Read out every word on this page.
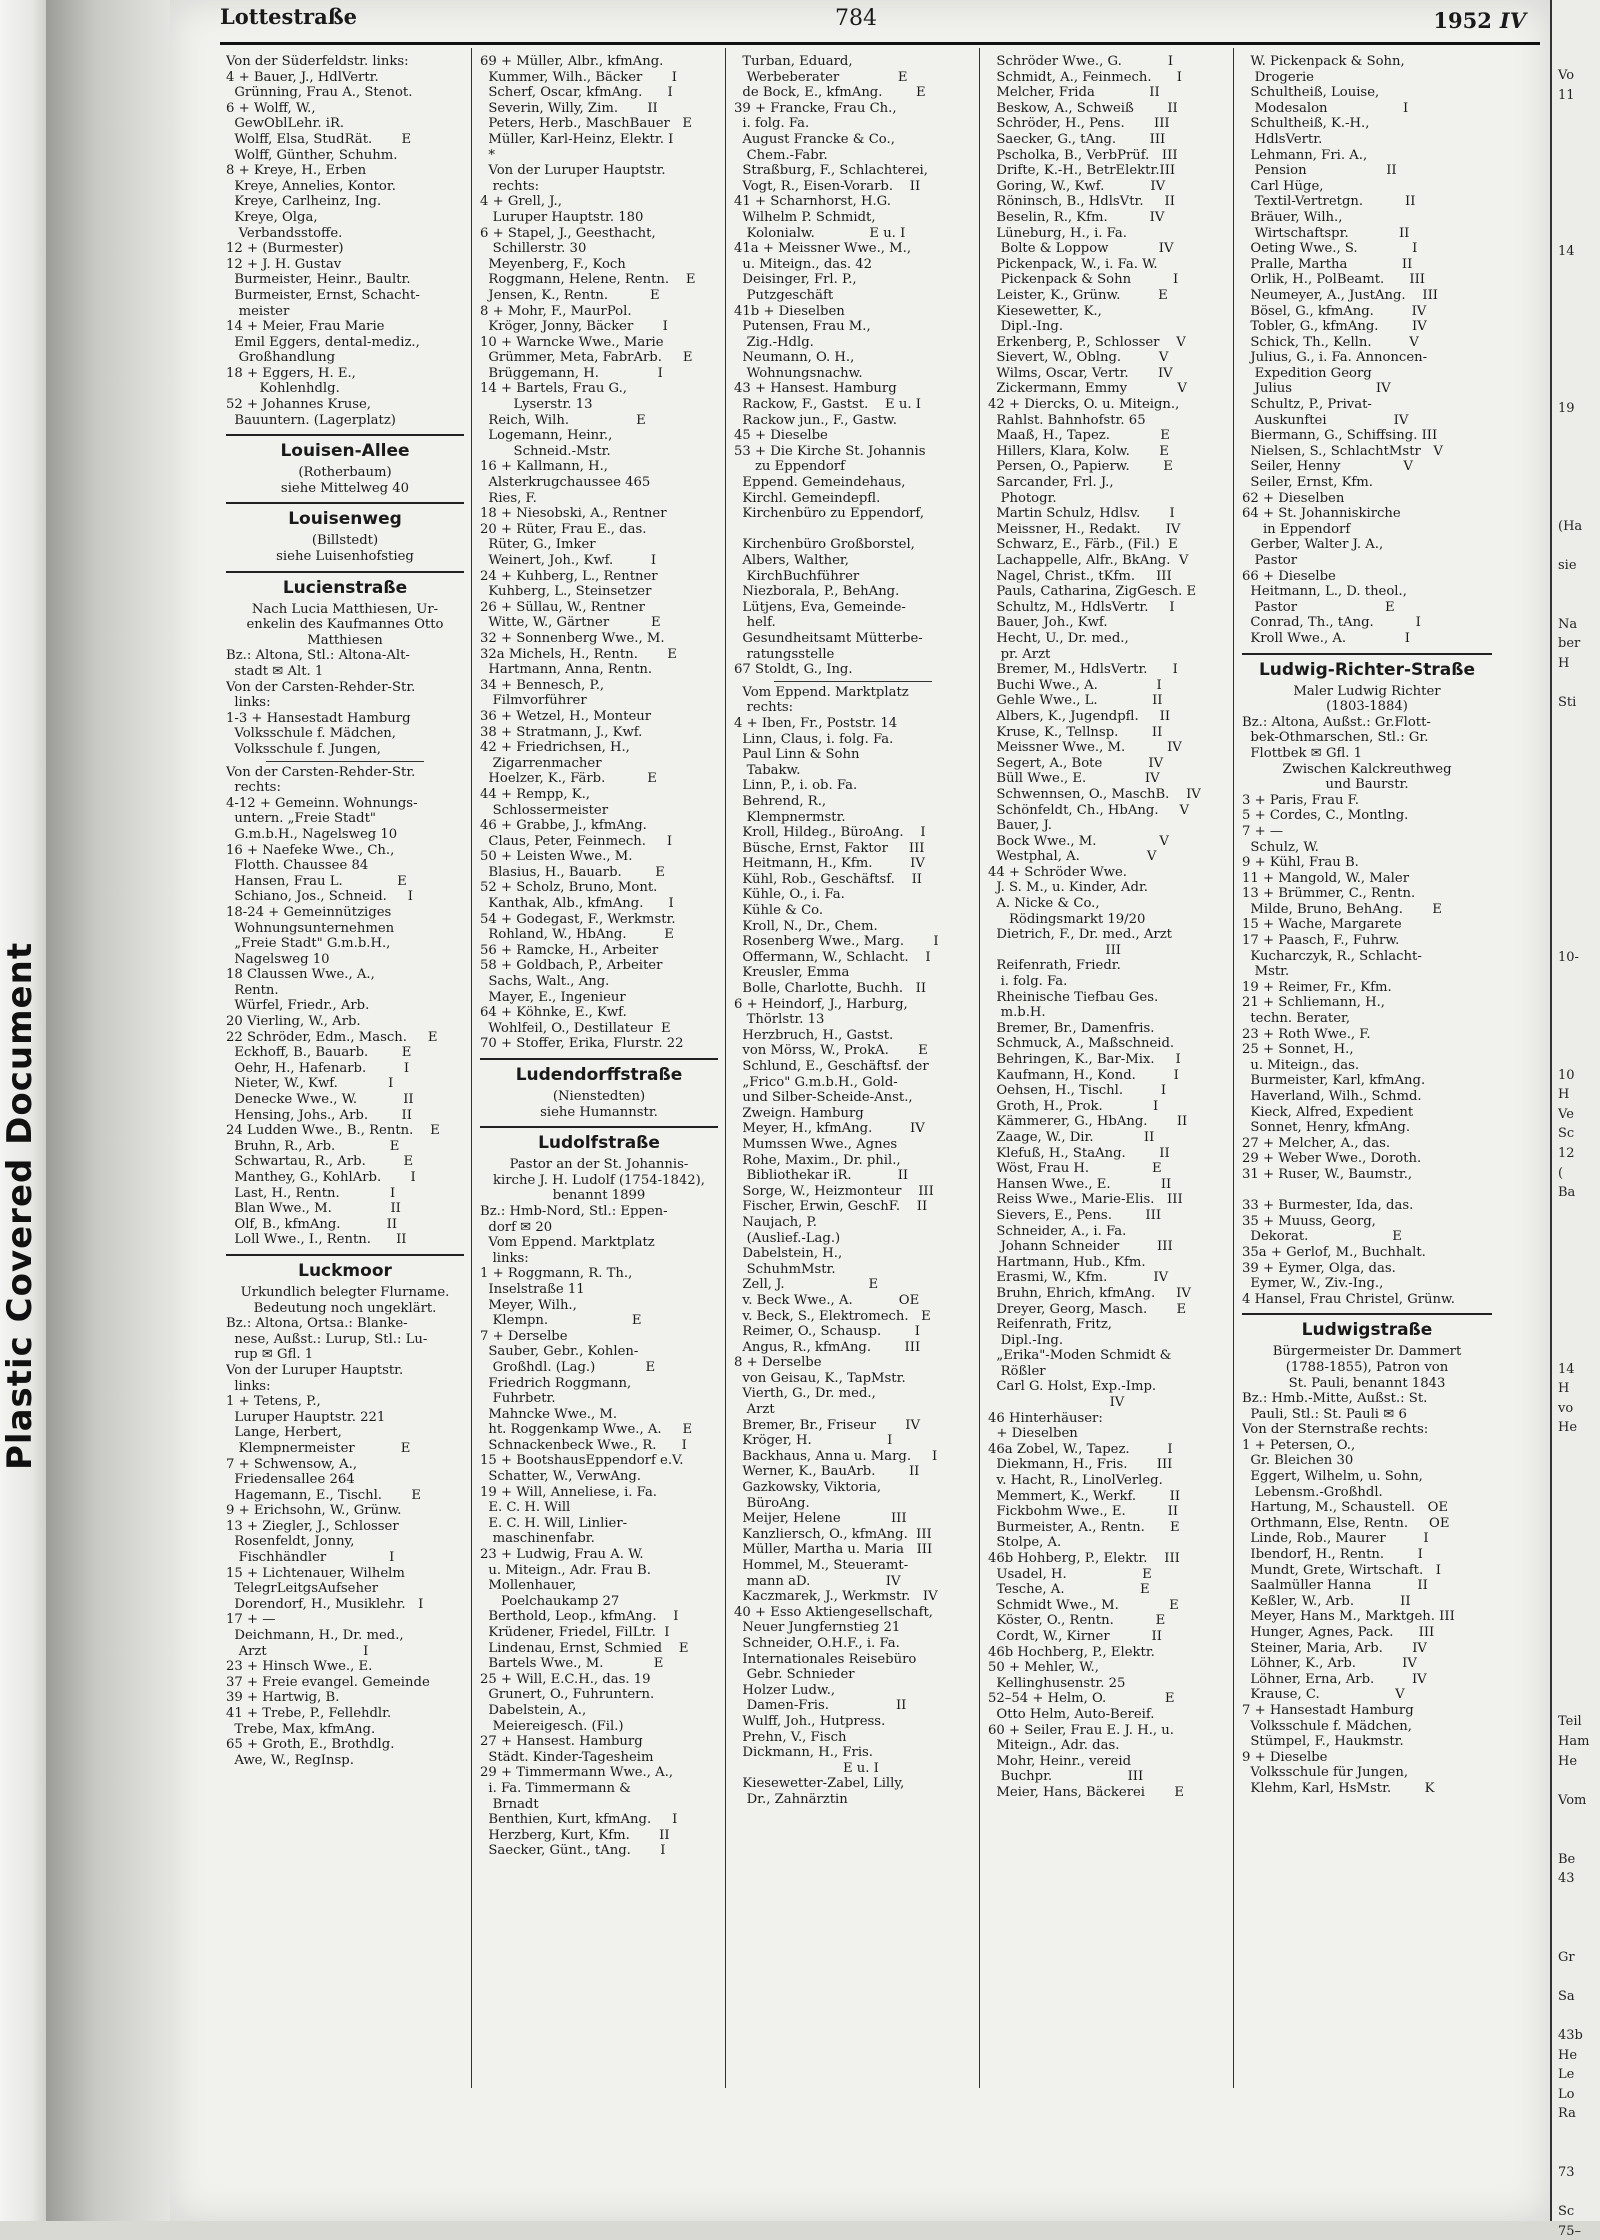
Plastic Covered Document
Lottestraße	784	1952 IV
Von der Süderfeldstr. links:
4 + Bauer, J., HdlVertr.
Grünning, Frau A., Stenot.
6 + Wolff, W.,
GewOblLehr. iR.
Wolff, Elsa, StudRät.       E
Wolff, Günther, Schuhm.
8 + Kreye, H., Erben
Kreye, Annelies, Kontor.
Kreye, Carlheinz, Ing.
Kreye, Olga,
Verbandsstoffe.
12 + (Burmester)
12 + J. H. Gustav
Burmeister, Heinr., Baultr.
Burmeister, Ernst, Schacht-
meister
14 + Meier, Frau Marie
Emil Eggers, dental-mediz.,
Großhandlung
18 + Eggers, H. E.,
Kohlenhdlg.
52 + Johannes Kruse,
Bauuntern. (Lagerplatz)
Louisen-Allee
(Rotherbaum)
siehe Mittelweg 40
Louisenweg
(Billstedt)
siehe Luisenhofstieg
Lucienstraße
Nach Lucia Matthiesen, Ur-
enkelin des Kaufmannes Otto
Matthiesen
Bz.: Altona, Stl.: Altona-Alt-
stadt ✉ Alt. 1
Von der Carsten-Rehder-Str.
links:
1-3 + Hansestadt Hamburg
Volksschule f. Mädchen,
Volksschule f. Jungen,
Von der Carsten-Rehder-Str.
rechts:
4-12 + Gemeinn. Wohnungs-
untern. „Freie Stadt"
G.m.b.H., Nagelsweg 10
16 + Naefeke Wwe., Ch.,
Flotth. Chaussee 84
Hansen, Frau L.             E
Schiano, Jos., Schneid.     I
18-24 + Gemeinnütziges
Wohnungsunternehmen
„Freie Stadt" G.m.b.H.,
Nagelsweg 10
18 Claussen Wwe., A.,
Rentn.
Würfel, Friedr., Arb.
20 Vierling, W., Arb.
22 Schröder, Edm., Masch.     E
Eckhoff, B., Bauarb.        E
Oehr, H., Hafenarb.         I
Nieter, W., Kwf.            I
Denecke Wwe., W.           II
Hensing, Johs., Arb.        II
24 Ludden Wwe., B., Rentn.    E
Bruhn, R., Arb.             E
Schwartau, R., Arb.         E
Manthey, G., KohlArb.       I
Last, H., Rentn.            I
Blan Wwe., M.              II
Olf, B., kfmAng.           II
Loll Wwe., I., Rentn.      II
Luckmoor
Urkundlich belegter Flurname.
Bedeutung noch ungeklärt.
Bz.: Altona, Ortsa.: Blanke-
nese, Außst.: Lurup, Stl.: Lu-
rup ✉ Gfl. 1
Von der Luruper Hauptstr.
links:
1 + Tetens, P.,
Luruper Hauptstr. 221
Lange, Herbert,
Klempnermeister           E
7 + Schwensow, A.,
Friedensallee 264
Hagemann, E., Tischl.       E
9 + Erichsohn, W., Grünw.
13 + Ziegler, J., Schlosser
Rosenfeldt, Jonny,
Fischhändler               I
15 + Lichtenauer, Wilhelm
TelegrLeitgsAufseher
Dorendorf, H., Musiklehr.   I
17 + —
Deichmann, H., Dr. med.,
Arzt                       I
23 + Hinsch Wwe., E.
37 + Freie evangel. Gemeinde
39 + Hartwig, B.
41 + Trebe, P., Fellehdlr.
Trebe, Max, kfmAng.
65 + Groth, E., Brothdlg.
Awe, W., RegInsp.
69 + Müller, Albr., kfmAng.
Kummer, Wilh., Bäcker       I
Scherf, Oscar, kfmAng.      I
Severin, Willy, Zim.       II
Peters, Herb., MaschBauer   E
Müller, Karl-Heinz, Elektr. I
*
Von der Luruper Hauptstr.
rechts:
4 + Grell, J.,
Luruper Hauptstr. 180
6 + Stapel, J., Geesthacht,
Schillerstr. 30
Meyenberg, F., Koch
Roggmann, Helene, Rentn.    E
Jensen, K., Rentn.          E
8 + Mohr, F., MaurPol.
Kröger, Jonny, Bäcker       I
10 + Warncke Wwe., Marie
Grümmer, Meta, FabrArb.     E
Brüggemann, H.              I
14 + Bartels, Frau G.,
Lyserstr. 13
Reich, Wilh.                E
Logemann, Heinr.,
Schneid.-Mstr.
16 + Kallmann, H.,
Alsterkrugchaussee 465
Ries, F.
18 + Niesobski, A., Rentner
20 + Rüter, Frau E., das.
Rüter, G., Imker
Weinert, Joh., Kwf.         I
24 + Kuhberg, L., Rentner
Kuhberg, L., Steinsetzer
26 + Süllau, W., Rentner
Witte, W., Gärtner          E
32 + Sonnenberg Wwe., M.
32a Michels, H., Rentn.       E
Hartmann, Anna, Rentn.
34 + Bennesch, P.,
Filmvorführer
36 + Wetzel, H., Monteur
38 + Stratmann, J., Kwf.
42 + Friedrichsen, H.,
Zigarrenmacher
Hoelzer, K., Färb.          E
44 + Rempp, K.,
Schlossermeister
46 + Grabbe, J., kfmAng.
Claus, Peter, Feinmech.     I
50 + Leisten Wwe., M.
Blasius, H., Bauarb.        E
52 + Scholz, Bruno, Mont.
Kanthak, Alb., kfmAng.      I
54 + Godegast, F., Werkmstr.
Rohland, W., HbAng.         E
56 + Ramcke, H., Arbeiter
58 + Goldbach, P., Arbeiter
Sachs, Walt., Ang.
Mayer, E., Ingenieur
64 + Köhnke, E., Kwf.
Wohlfeil, O., Destillateur  E
70 + Stoffer, Erika, Flurstr. 22
Ludendorffstraße
(Nienstedten)
siehe Humannstr.
Ludolfstraße
Pastor an der St. Johannis-
kirche J. H. Ludolf (1754-1842),
benannt 1899
Bz.: Hmb-Nord, Stl.: Eppen-
dorf ✉ 20
Vom Eppend. Marktplatz
links:
1 + Roggmann, R. Th.,
Inselstraße 11
Meyer, Wilh.,
Klempn.                    E
7 + Derselbe
Sauber, Gebr., Kohlen-
Großhdl. (Lag.)            E
Friedrich Roggmann,
Fuhrbetr.
Mahncke Wwe., M.
ht. Roggenkamp Wwe., A.     E
Schnackenbeck Wwe., R.      I
15 + BootshausEppendorf e.V.
Schatter, W., VerwAng.
19 + Will, Anneliese, i. Fa.
E. C. H. Will
E. C. H. Will, Linlier-
maschinenfabr.
23 + Ludwig, Frau A. W.
u. Miteign., Adr. Frau B.
Mollenhauer,
Poelchaukamp 27
Berthold, Leop., kfmAng.    I
Krüdener, Friedel, FilLtr.  I
Lindenau, Ernst, Schmied    E
Bartels Wwe., M.            E
25 + Will, E.C.H., das. 19
Grunert, O., Fuhruntern.
Dabelstein, A.,
Meiereigesch. (Fil.)
27 + Hansest. Hamburg
Städt. Kinder-Tagesheim
29 + Timmermann Wwe., A.,
i. Fa. Timmermann &
Brnadt
Benthien, Kurt, kfmAng.     I
Herzberg, Kurt, Kfm.       II
Saecker, Günt., tAng.       I
Turban, Eduard,
Werbeberater              E
de Bock, E., kfmAng.        E
39 + Francke, Frau Ch.,
i. folg. Fa.
August Francke & Co.,
Chem.-Fabr.
Straßburg, F., Schlachterei,
Vogt, R., Eisen-Vorarb.    II
41 + Scharnhorst, H.G.
Wilhelm P. Schmidt,
Kolonialw.             E u. I
41a + Meissner Wwe., M.,
u. Miteign., das. 42
Deisinger, Frl. P.,
Putzgeschäft
41b + Dieselben
Putensen, Frau M.,
Zig.-Hdlg.
Neumann, O. H.,
Wohnungsnachw.
43 + Hansest. Hamburg
Rackow, F., Gastst.    E u. I
Rackow jun., F., Gastw.
45 + Dieselbe
53 + Die Kirche St. Johannis
zu Eppendorf
Eppend. Gemeindehaus,
Kirchl. Gemeindepfl.
Kirchenbüro zu Eppendorf,

Kirchenbüro Großborstel,
Albers, Walther,
KirchBuchführer
Niezborala, P., BehAng.
Lütjens, Eva, Gemeinde-
helf.
Gesundheitsamt Mütterbe-
ratungsstelle
67 Stoldt, G., Ing.
Vom Eppend. Marktplatz
rechts:
4 + Iben, Fr., Poststr. 14
Linn, Claus, i. folg. Fa.
Paul Linn & Sohn
Tabakw.
Linn, P., i. ob. Fa.
Behrend, R.,
Klempnermstr.
Kroll, Hildeg., BüroAng.    I
Büsche, Ernst, Faktor     III
Heitmann, H., Kfm.         IV
Kühl, Rob., Geschäftsf.    II
Kühle, O., i. Fa.
Kühle & Co.
Kroll, N., Dr., Chem.
Rosenberg Wwe., Marg.       I
Offermann, W., Schlacht.    I
Kreusler, Emma
Bolle, Charlotte, Buchh.   II
6 + Heindorf, J., Harburg,
Thörlstr. 13
Herzbruch, H., Gastst.
von Mörss, W., ProkA.       E
Schlund, E., Geschäftsf. der
„Frico" G.m.b.H., Gold-
und Silber-Scheide-Anst.,
Zweign. Hamburg
Meyer, H., kfmAng.         IV
Mumssen Wwe., Agnes
Rohe, Maxim., Dr. phil.,
Bibliothekar iR.           II
Sorge, W., Heizmonteur    III
Fischer, Erwin, GeschF.    II
Naujach, P.
(Auslief.-Lag.)
Dabelstein, H.,
SchuhmMstr.
Zell, J.                    E
v. Beck Wwe., A.           OE
v. Beck, S., Elektromech.   E
Reimer, O., Schausp.        I
Angus, R., kfmAng.        III
8 + Derselbe
von Geisau, K., TapMstr.
Vierth, G., Dr. med.,
Arzt
Bremer, Br., Friseur       IV
Kröger, H.                  I
Backhaus, Anna u. Marg.     I
Werner, K., BauArb.        II
Gazkowsky, Viktoria,
BüroAng.
Meijer, Helene            III
Kanzliersch, O., kfmAng.  III
Müller, Martha u. Maria   III
Hommel, M., Steueramt-
mann aD.                  IV
Kaczmarek, J., Werkmstr.   IV
40 + Esso Aktiengesellschaft,
Neuer Jungfernstieg 21
Schneider, O.H.F., i. Fa.
Internationales Reisebüro
Gebr. Schnieder
Holzer Ludw.,
Damen-Fris.                II
Wulff, Joh., Hutpress.
Prehn, V., Fisch
Dickmann, H., Fris.
E u. I
Kiesewetter-Zabel, Lilly,
Dr., Zahnärztin
Schröder Wwe., G.           I
Schmidt, A., Feinmech.      I
Melcher, Frida             II
Beskow, A., Schweiß        II
Schröder, H., Pens.       III
Saecker, G., tAng.        III
Pscholka, B., VerbPrüf.   III
Drifte, K.-H., BetrElektr.III
Goring, W., Kwf.           IV
Röninsch, B., HdlsVtr.     II
Beselin, R., Kfm.          IV
Lüneburg, H., i. Fa.
Bolte & Loppow            IV
Pickenpack, W., i. Fa. W.
Pickenpack & Sohn          I
Leister, K., Grünw.         E
Kiesewetter, K.,
Dipl.-Ing.
Erkenberg, P., Schlosser    V
Sievert, W., Oblng.         V
Wilms, Oscar, Vertr.       IV
Zickermann, Emmy            V
42 + Diercks, O. u. Miteign.,
Rahlst. Bahnhofstr. 65
Maaß, H., Tapez.            E
Hillers, Klara, Kolw.       E
Persen, O., Papierw.        E
Sarcander, Frl. J.,
Photogr.
Martin Schulz, Hdlsv.       I
Meissner, H., Redakt.      IV
Schwarz, E., Färb., (Fil.)  E
Lachappelle, Alfr., BkAng.  V
Nagel, Christ., tKfm.     III
Pauls, Catharina, ZigGesch. E
Schultz, M., HdlsVertr.     I
Bauer, Joh., Kwf.
Hecht, U., Dr. med.,
pr. Arzt
Bremer, M., HdlsVertr.      I
Buchi Wwe., A.              I
Gehle Wwe., L.             II
Albers, K., Jugendpfl.     II
Kruse, K., Tellnsp.        II
Meissner Wwe., M.          IV
Segert, A., Bote           IV
Büll Wwe., E.              IV
Schwennsen, O., MaschB.    IV
Schönfeldt, Ch., HbAng.     V
Bauer, J.
Bock Wwe., M.               V
Westphal, A.                V
44 + Schröder Wwe.
J. S. M., u. Kinder, Adr.
A. Nicke & Co.,
Rödingsmarkt 19/20
Dietrich, F., Dr. med., Arzt
III
Reifenrath, Friedr.
i. folg. Fa.
Rheinische Tiefbau Ges.
m.b.H.
Bremer, Br., Damenfris.
Schmuck, A., Maßschneid.
Behringen, K., Bar-Mix.     I
Kaufmann, H., Kond.         I
Oehsen, H., Tischl.         I
Groth, H., Prok.            I
Kämmerer, G., HbAng.       II
Zaage, W., Dir.            II
Klefuß, H., StaAng.        II
Wöst, Frau H.               E
Hansen Wwe., E.            II
Reiss Wwe., Marie-Elis.   III
Sievers, E., Pens.        III
Schneider, A., i. Fa.
Johann Schneider         III
Hartmann, Hub., Kfm.
Erasmi, W., Kfm.           IV
Bruhn, Ehrich, kfmAng.     IV
Dreyer, Georg, Masch.       E
Reifenrath, Fritz,
Dipl.-Ing.
„Erika"-Moden Schmidt &
Rößler
Carl G. Holst, Exp.-Imp.
IV
46 Hinterhäuser:
+ Dieselben
46a Zobel, W., Tapez.         I
Diekmann, H., Fris.       III
v. Hacht, R., LinolVerleg.
Memmert, K., Werkf.        II
Fickbohm Wwe., E.          II
Burmeister, A., Rentn.      E
Stolpe, A.
46b Hohberg, P., Elektr.    III
Usadel, H.                  E
Tesche, A.                  E
Schmidt Wwe., M.            E
Köster, O., Rentn.          E
Cordt, W., Kirner          II
46b Hochberg, P., Elektr.
50 + Mehler, W.,
Kellinghusenstr. 25
52–54 + Helm, O.              E
Otto Helm, Auto-Bereif.
60 + Seiler, Frau E. J. H., u.
Miteign., Adr. das.
Mohr, Heinr., vereid
Buchpr.                  III
Meier, Hans, Bäckerei       E
W. Pickenpack & Sohn,
Drogerie
Schultheiß, Louise,
Modesalon                  I
Schultheiß, K.-H.,
HdlsVertr.
Lehmann, Fri. A.,
Pension                   II
Carl Hüge,
Textil-Vertretgn.          II
Bräuer, Wilh.,
Wirtschaftspr.            II
Oeting Wwe., S.             I
Pralle, Martha             II
Orlik, H., PolBeamt.      III
Neumeyer, A., JustAng.    III
Bösel, G., kfmAng.         IV
Tobler, G., kfmAng.        IV
Schick, Th., Kelln.         V
Julius, G., i. Fa. Annoncen-
Expedition Georg
Julius                    IV
Schultz, P., Privat-
Auskunftei                IV
Biermann, G., Schiffsing. III
Nielsen, S., SchlachtMstr   V
Seiler, Henny               V
Seiler, Ernst, Kfm.
62 + Dieselben
64 + St. Johanniskirche
in Eppendorf
Gerber, Walter J. A.,
Pastor
66 + Dieselbe
Heitmann, L., D. theol.,
Pastor                     E
Conrad, Th., tAng.          I
Kroll Wwe., A.              I
Ludwig-Richter-Straße
Maler Ludwig Richter
(1803-1884)
Bz.: Altona, Außst.: Gr.Flott-
bek-Othmarschen, Stl.: Gr.
Flottbek ✉ Gfl. 1
Zwischen Kalckreuthweg
und Baurstr.
3 + Paris, Frau F.
5 + Cordes, C., Montlng.
7 + —
Schulz, W.
9 + Kühl, Frau B.
11 + Mangold, W., Maler
13 + Brümmer, C., Rentn.
Milde, Bruno, BehAng.       E
15 + Wache, Margarete
17 + Paasch, F., Fuhrw.
Kucharczyk, R., Schlacht-
Mstr.
19 + Reimer, Fr., Kfm.
21 + Schliemann, H.,
techn. Berater,
23 + Roth Wwe., F.
25 + Sonnet, H.,
u. Miteign., das.
Burmeister, Karl, kfmAng.
Haverland, Wilh., Schmd.
Kieck, Alfred, Expedient
Sonnet, Henry, kfmAng.
27 + Melcher, A., das.
29 + Weber Wwe., Doroth.
31 + Ruser, W., Baumstr.,

33 + Burmester, Ida, das.
35 + Muuss, Georg,
Dekorat.                    E
35a + Gerlof, M., Buchhalt.
39 + Eymer, Olga, das.
Eymer, W., Ziv.-Ing.,
4 Hansel, Frau Christel, Grünw.
Ludwigstraße
Bürgermeister Dr. Dammert
(1788-1855), Patron von
St. Pauli, benannt 1843
Bz.: Hmb.-Mitte, Außst.: St.
Pauli, Stl.: St. Pauli ✉ 6
Von der Sternstraße rechts:
1 + Petersen, O.,
Gr. Bleichen 30
Eggert, Wilhelm, u. Sohn,
Lebensm.-Großhdl.
Hartung, M., Schaustell.   OE
Orthmann, Else, Rentn.     OE
Linde, Rob., Maurer         I
Ibendorf, H., Rentn.        I
Mundt, Grete, Wirtschaft.   I
Saalmüller Hanna           II
Keßler, W., Arb.           II
Meyer, Hans M., Marktgeh. III
Hunger, Agnes, Pack.      III
Steiner, Maria, Arb.       IV
Löhner, K., Arb.           IV
Löhner, Erna, Arb.         IV
Krause, C.                  V
7 + Hansestadt Hamburg
Volksschule f. Mädchen,
Stümpel, F., Haukmstr.
9 + Dieselbe
Volksschule für Jungen,
Klehm, Karl, HsMstr.        K
Vo
11
14
19
(Ha
sie
Na
ber
H
Sti
10-
10
H
Ve
Sc
12
(
Ba
14
H
vo
He
Teil
Ham
He
Vom
Be
43
Gr
Sa
43b
He
Le
Lo
Ra
73
Sc
75–
